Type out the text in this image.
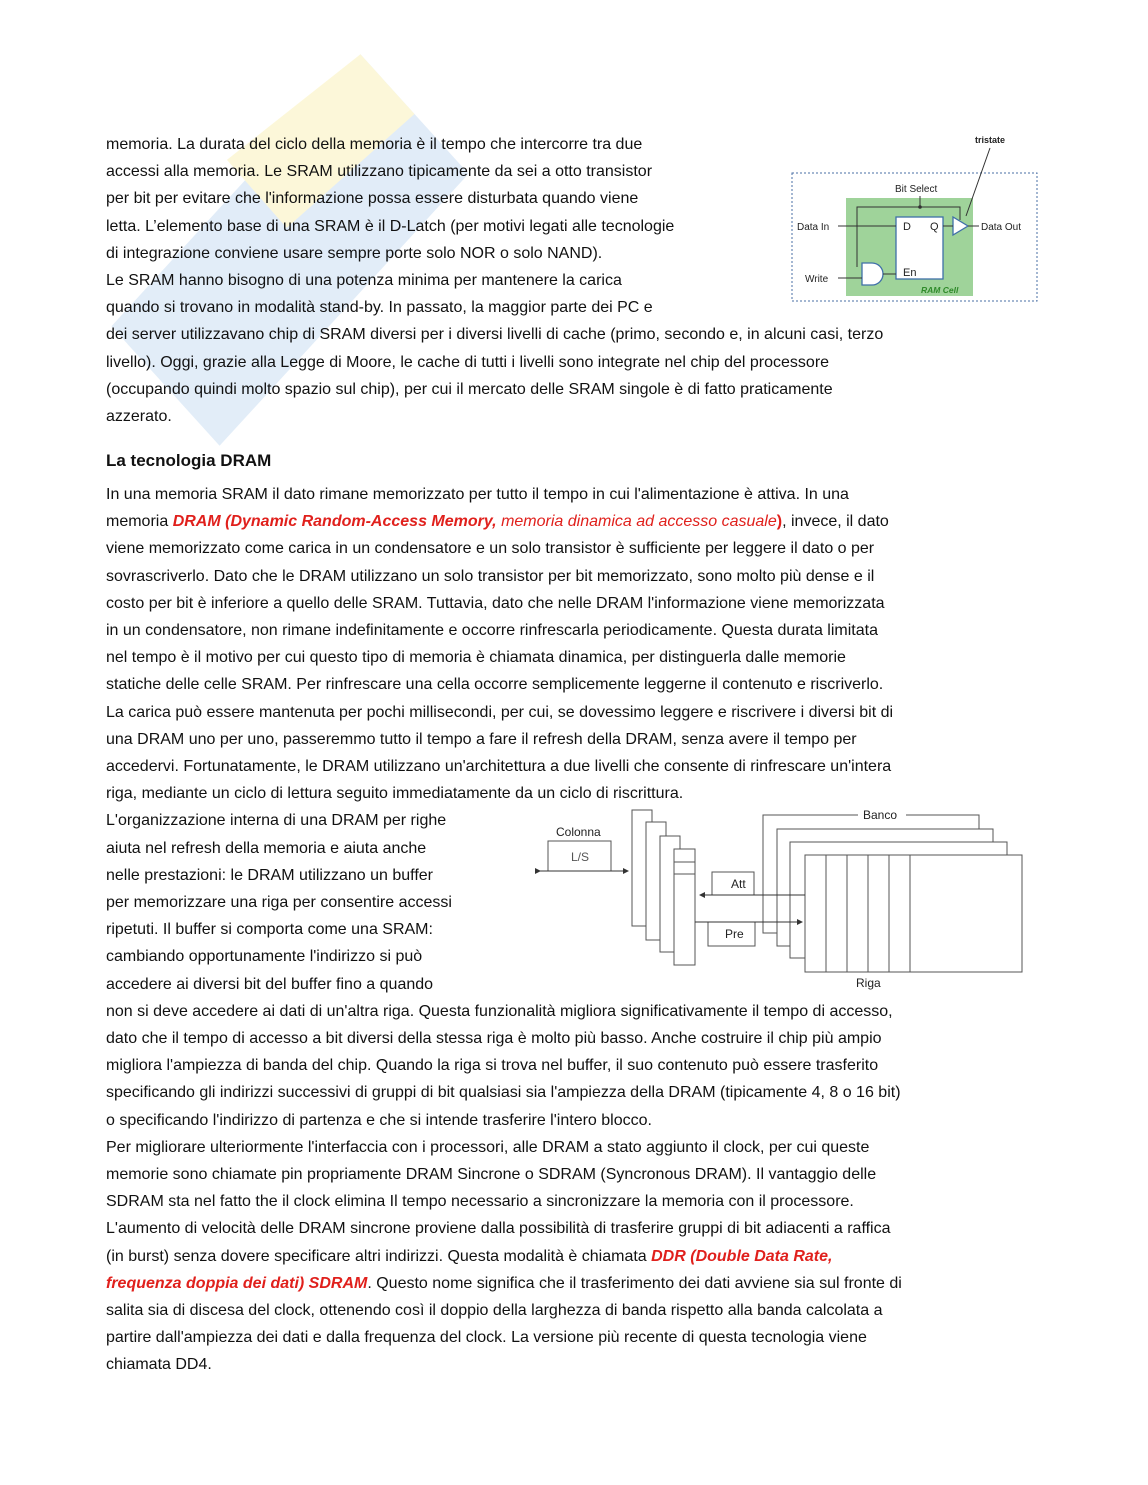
memoria. La durata del ciclo della memoria è il tempo che intercorre tra due
accessi alla memoria. Le SRAM utilizzano tipicamente da sei a otto transistor
per bit per evitare che l'informazione possa essere disturbata quando viene
letta. L’elemento base di una SRAM è il D-Latch (per motivi legati alle tecnologie
di integrazione conviene usare sempre porte solo NOR o solo NAND).
Le SRAM hanno bisogno di una potenza minima per mantenere la carica
quando si trovano in modalità stand-by. In passato, la maggior parte dei PC e
dei server utilizzavano chip di SRAM diversi per i diversi livelli di cache (primo, secondo e, in alcuni casi, terzo
livello). Oggi, grazie alla Legge di Moore, le cache di tutti i livelli sono integrate nel chip del processore
(occupando quindi molto spazio sul chip), per cui il mercato delle SRAM singole è di fatto praticamente
azzerato.
La tecnologia DRAM
In una memoria SRAM il dato rimane memorizzato per tutto il tempo in cui l'alimentazione è attiva. In una
memoria DRAM (Dynamic Random-Access Memory, memoria dinamica ad accesso casuale), invece, il dato
viene memorizzato come carica in un condensatore e un solo transistor è sufficiente per leggere il dato o per
sovrascriverlo. Dato che le DRAM utilizzano un solo transistor per bit memorizzato, sono molto più dense e il
costo per bit è inferiore a quello delle SRAM. Tuttavia, dato che nelle DRAM l'informazione viene memorizzata
in un condensatore, non rimane indefinitamente e occorre rinfrescarla periodicamente. Questa durata limitata
nel tempo è il motivo per cui questo tipo di memoria è chiamata dinamica, per distinguerla dalle memorie
statiche delle celle SRAM. Per rinfrescare una cella occorre semplicemente leggerne il contenuto e riscriverlo.
La carica può essere mantenuta per pochi millisecondi, per cui, se dovessimo leggere e riscrivere i diversi bit di
una DRAM uno per uno, passeremmo tutto il tempo a fare il refresh della DRAM, senza avere il tempo per
accedervi. Fortunatamente, le DRAM utilizzano un'architettura a due livelli che consente di rinfrescare un'intera
riga, mediante un ciclo di lettura seguito immediatamente da un ciclo di riscrittura.
L'organizzazione interna di una DRAM per righe
aiuta nel refresh della memoria e aiuta anche
nelle prestazioni: le DRAM utilizzano un buffer
per memorizzare una riga per consentire accessi
ripetuti. Il buffer si comporta come una SRAM:
cambiando opportunamente l'indirizzo si può
accedere ai diversi bit del buffer fino a quando
non si deve accedere ai dati di un'altra riga. Questa funzionalità migliora significativamente il tempo di accesso,
dato che il tempo di accesso a bit diversi della stessa riga è molto più basso. Anche costruire il chip più ampio
migliora l'ampiezza di banda del chip. Quando la riga si trova nel buffer, il suo contenuto può essere trasferito
specificando gli indirizzi successivi di gruppi di bit qualsiasi sia l'ampiezza della DRAM (tipicamente 4, 8 o 16 bit)
o specificando l'indirizzo di partenza e che si intende trasferire l'intero blocco.
Per migliorare ulteriormente l'interfaccia con i processori, alle DRAM a stato aggiunto il clock, per cui queste
memorie sono chiamate pin propriamente DRAM Sincrone o SDRAM (Syncronous DRAM). Il vantaggio delle
SDRAM sta nel fatto the il clock elimina Il tempo necessario a sincronizzare la memoria con il processore.
L'aumento di velocità delle DRAM sincrone proviene dalla possibilità di trasferire gruppi di bit adiacenti a raffica
(in burst) senza dovere specificare altri indirizzi. Questa modalità è chiamata DDR (Double Data Rate,
frequenza doppia dei dati) SDRAM. Questo nome significa che il trasferimento dei dati avviene sia sul fronte di
salita sia di discesa del clock, ottenendo così il doppio della larghezza di banda rispetto alla banda calcolata a
partire dall'ampiezza dei dati e dalla frequenza del clock. La versione più recente di questa tecnologia viene
chiamata DD4.
tristate
Bit Select
Data In	Data Out
Write
D Q
En
RAM Cell
Colonna
L/S
Att
Pre
Banco
Riga
